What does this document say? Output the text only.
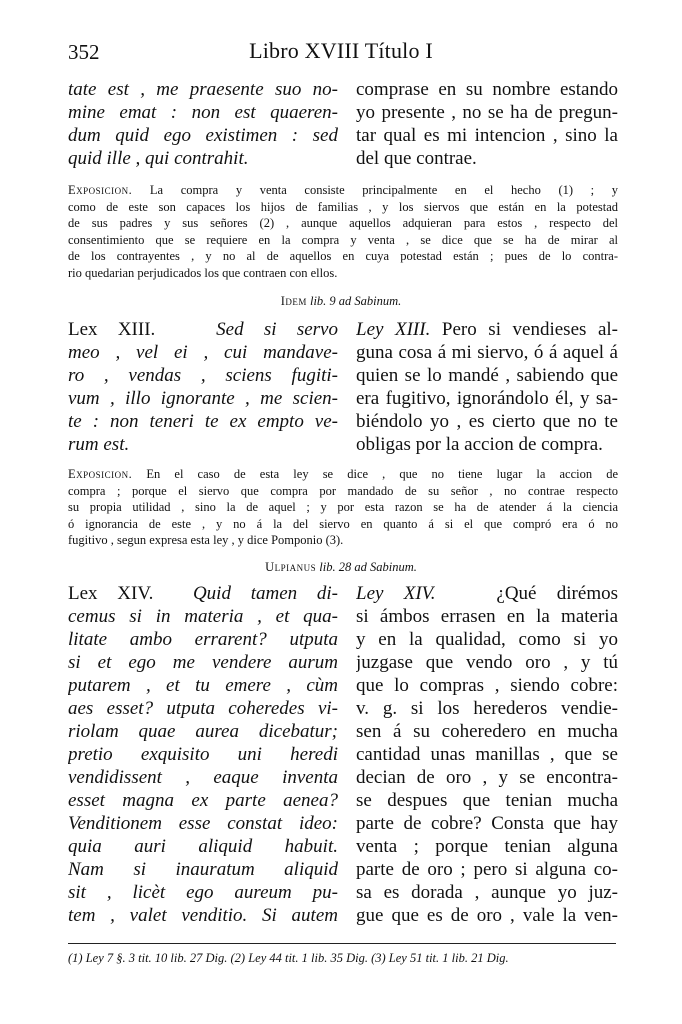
352	Libro XVIII Título I
tate est , me praesente suo no-
mine emat : non est quaeren-
dum quid ego existimen : sed
quid ille , qui contrahit.
comprase en su nombre estando
yo presente , no se ha de pregun-
tar qual es mi intencion , sino la
del que contrae.
Exposicion. La compra y venta consiste principalmente en el hecho (1) ; y
como de este son capaces los hijos de familias , y los siervos que están en la potestad
de sus padres y sus señores (2) , aunque aquellos adquieran para estos , respecto del
consentimiento que se requiere en la compra y venta , se dice que se ha de mirar al
de los contrayentes , y no al de aquellos en cuya potestad están ; pues de lo contra-
rio quedarian perjudicados los que contraen con ellos.
Idem lib. 9 ad Sabinum.
Lex XIII.	Sed si servo
meo , vel ei , cui mandave-
ro , vendas , sciens fugiti-
vum , illo ignorante , me scien-
te : non teneri te ex empto ve-
rum est.
Ley XIII. Pero si vendieses al-
guna cosa á mi siervo, ó á aquel á
quien se lo mandé , sabiendo que
era fugitivo, ignorándolo él, y sa-
biéndolo yo , es cierto que no te
obligas por la accion de compra.
Exposicion. En el caso de esta ley se dice , que no tiene lugar la accion de
compra ; porque el siervo que compra por mandado de su señor , no contrae respecto
su propia utilidad , sino la de aquel ; y por esta razon se ha de atender á la ciencia
ó ignorancia de este , y no á la del siervo en quanto á si el que compró era ó no
fugitivo , segun expresa esta ley , y dice Pomponio (3).
Ulpianus lib. 28 ad Sabinum.
Lex XIV. Quid tamen di-
cemus si in materia , et qua-
litate ambo errarent? utputa
si et ego me vendere aurum
putarem , et tu emere , cùm
aes esset? utputa coheredes vi-
riolam quae aurea dicebatur;
pretio exquisito uni heredi
vendidissent , eaque inventa
esset magna ex parte aenea?
Venditionem esse constat ideo:
quia auri aliquid habuit.
Nam si inauratum aliquid
sit , licèt ego aureum pu-
tem , valet venditio. Si autem
Ley XIV.	¿Qué dirémos
si ámbos errasen en la materia
y en la qualidad, como si yo
juzgase que vendo oro , y tú
que lo compras , siendo cobre:
v. g. si los herederos vendie-
sen á su coheredero en mucha
cantidad unas manillas , que se
decian de oro , y se encontra-
se despues que tenian mucha
parte de cobre? Consta que hay
venta ; porque tenian alguna
parte de oro ; pero si alguna co-
sa es dorada , aunque yo juz-
gue que es de oro , vale la ven-
(1) Ley 7 §. 3 tit. 10 lib. 27 Dig. (2) Ley 44 tit. 1 lib. 35 Dig. (3) Ley 51 tit. 1 lib. 21 Dig.
